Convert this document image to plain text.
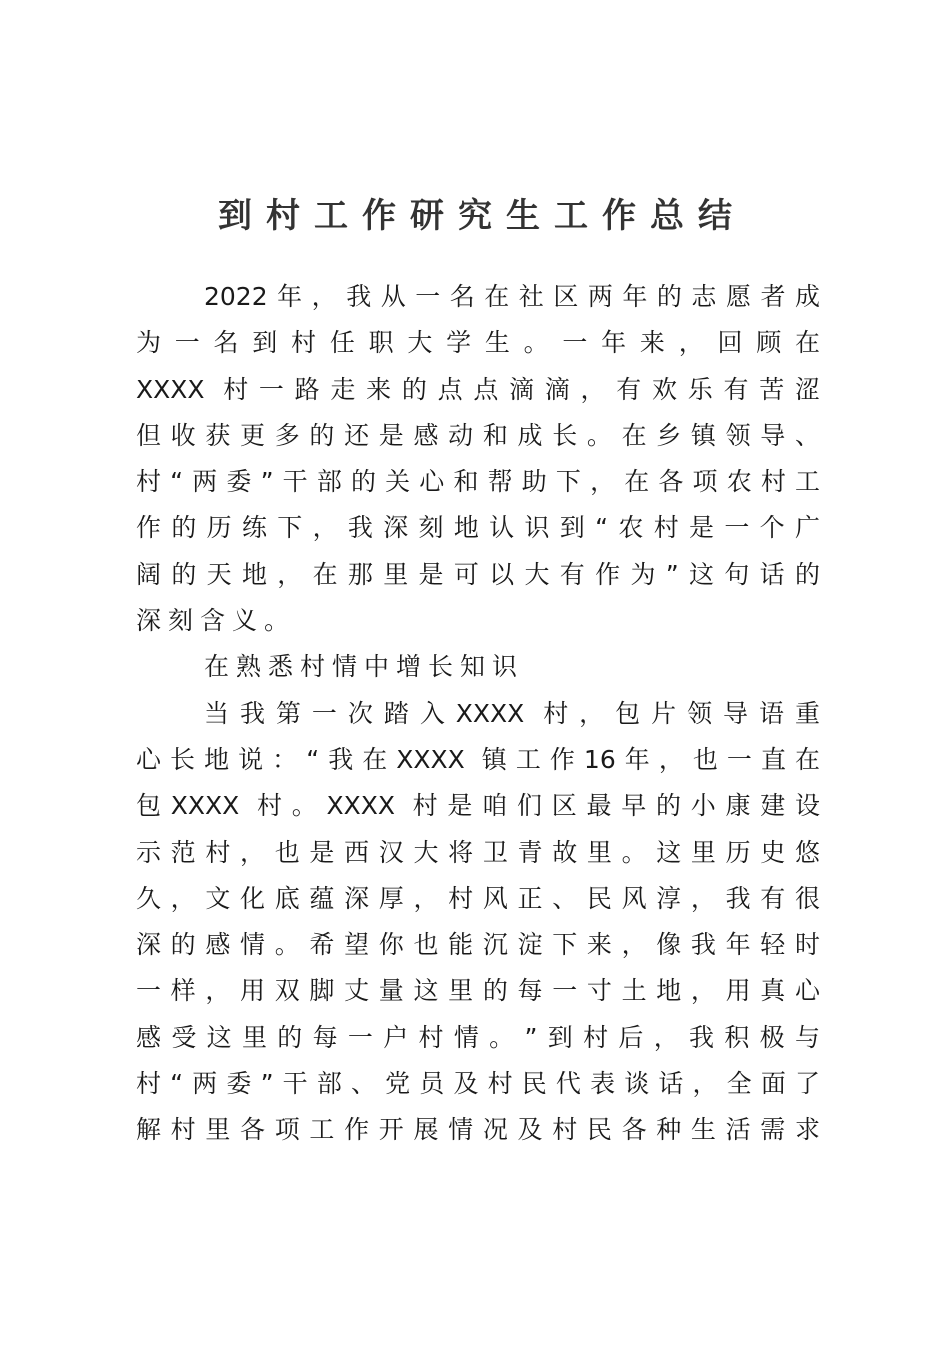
到村工作研究生工作总结
2​0​2​2​年​，​我​从​一​名​在​社​区​两​年​的​志​愿​者​成
为​一​名​到​村​任​职​大​学​生​。​一​年​来​，​回​顾​在
X​X​X​X​ ​村​一​路​走​来​的​点​点​滴​滴​，​有​欢​乐​有​苦​涩
但​收​获​更​多​的​还​是​感​动​和​成​长​。​在​乡​镇​领​导​、
村​“​两​委​”​干​部​的​关​心​和​帮​助​下​，​在​各​项​农​村​工
作​的​历​练​下​，​我​深​刻​地​认​识​到​“​农​村​是​一​个​广
阔​的​天​地​，​在​那​里​是​可​以​大​有​作​为​”​这​句​话​的
深刻含义。
在熟悉村情中增长知识
当​我​第​一​次​踏​入​X​X​X​X​ ​村​，​包​片​领​导​语​重
心​长​地​说​：​“​我​在​X​X​X​X​ ​镇​工​作​1​6​年​，​也​一​直​在
包​X​X​X​X​ ​村​。​X​X​X​X​ ​村​是​咱​们​区​最​早​的​小​康​建​设
示​范​村​，​也​是​西​汉​大​将​卫​青​故​里​。​这​里​历​史​悠
久​，​文​化​底​蕴​深​厚​，​村​风​正​、​民​风​淳​，​我​有​很
深​的​感​情​。​希​望​你​也​能​沉​淀​下​来​，​像​我​年​轻​时
一​样​，​用​双​脚​丈​量​这​里​的​每​一​寸​土​地​，​用​真​心
感​受​这​里​的​每​一​户​村​情​。​”​到​村​后​，​我​积​极​与
村​“​两​委​”​干​部​、​党​员​及​村​民​代​表​谈​话​，​全​面​了
解​村​里​各​项​工​作​开​展​情​况​及​村​民​各​种​生​活​需​求
